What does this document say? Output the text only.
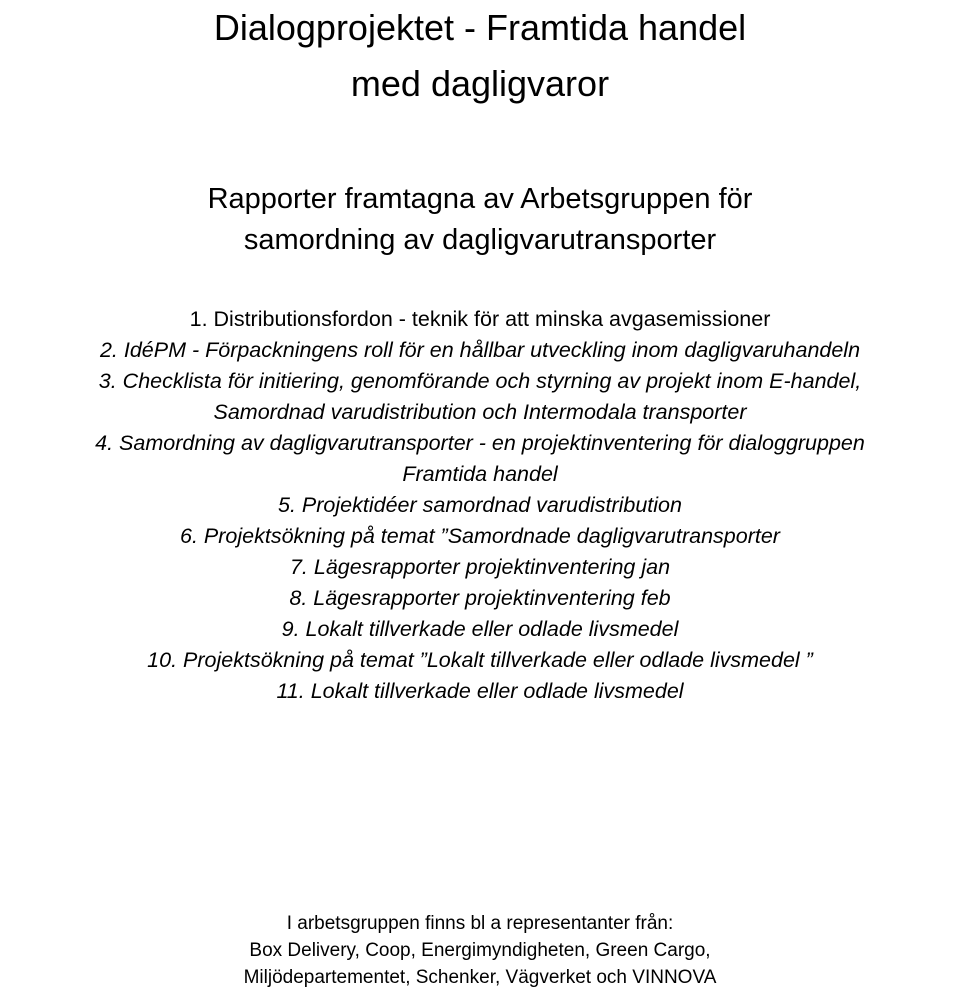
Dialogprojektet - Framtida handel
med dagligvaror
Rapporter framtagna av Arbetsgruppen för
samordning av dagligvarutransporter
1. Distributionsfordon - teknik för att minska avgasemissioner
2. IdéPM - Förpackningens roll för en hållbar utveckling inom dagligvaruhandeln
3. Checklista för initiering, genomförande och styrning av projekt inom E-handel,
Samordnad varudistribution och Intermodala transporter
4. Samordning av dagligvarutransporter - en projektinventering för dialoggruppen
Framtida handel
5. Projektidéer samordnad varudistribution
6. Projektsökning på temat ”Samordnade dagligvarutransporter
7. Lägesrapporter projektinventering jan
8. Lägesrapporter projektinventering feb
9. Lokalt tillverkade eller odlade livsmedel
10. Projektsökning på temat ”Lokalt tillverkade eller odlade livsmedel ”
11. Lokalt tillverkade eller odlade livsmedel
I arbetsgruppen finns bl a representanter från:
Box Delivery, Coop, Energimyndigheten, Green Cargo,
Miljödepartementet, Schenker, Vägverket och VINNOVA
